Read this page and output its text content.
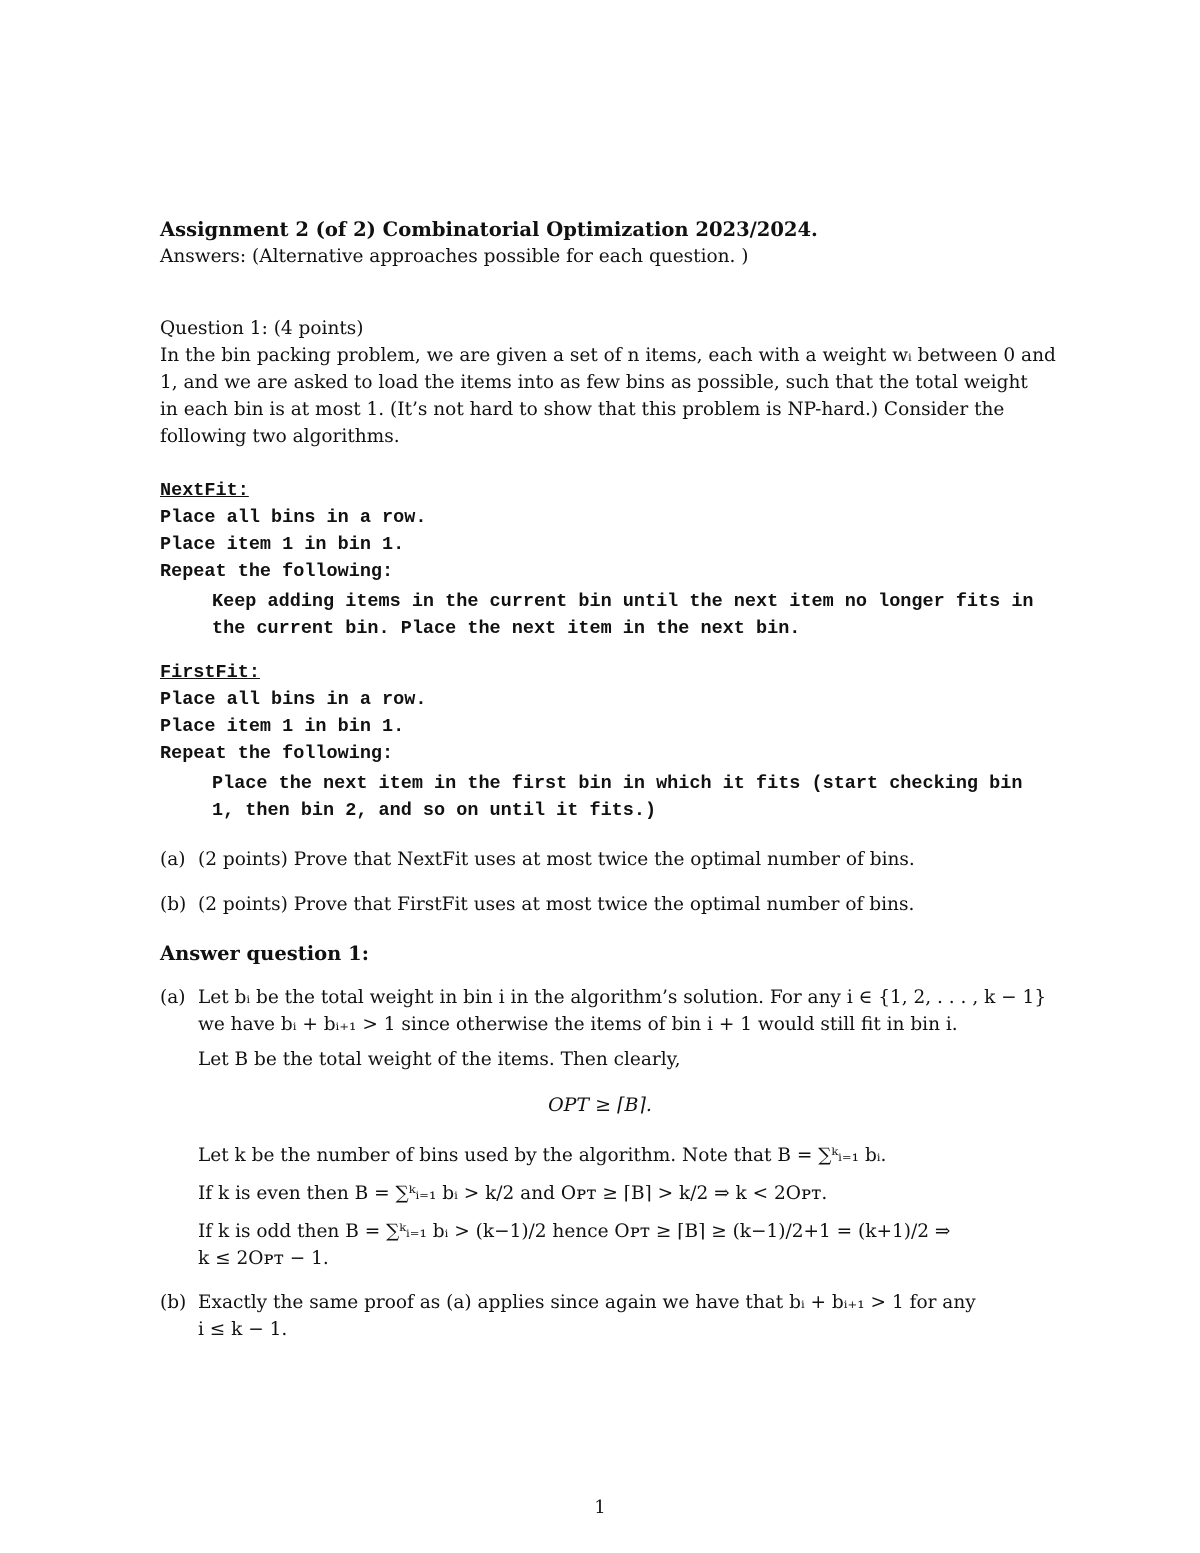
Assignment 2 (of 2) Combinatorial Optimization 2023/2024.
Answers: (Alternative approaches possible for each question. )
Question 1: (4 points)
In the bin packing problem, we are given a set of n items, each with a weight wᵢ between 0 and
1, and we are asked to load the items into as few bins as possible, such that the total weight
in each bin is at most 1. (It’s not hard to show that this problem is NP-hard.) Consider the
following two algorithms.
NextFit:
Place all bins in a row.
Place item 1 in bin 1.
Repeat the following:
Keep adding items in the current bin until the next item no longer fits in
the current bin. Place the next item in the next bin.
FirstFit:
Place all bins in a row.
Place item 1 in bin 1.
Repeat the following:
Place the next item in the first bin in which it fits (start checking bin
1, then bin 2, and so on until it fits.)
(a) (2 points) Prove that NextFit uses at most twice the optimal number of bins.
(b) (2 points) Prove that FirstFit uses at most twice the optimal number of bins.
Answer question 1:
(a) Let bᵢ be the total weight in bin i in the algorithm’s solution. For any i ∈ {1, 2, . . . , k − 1}
we have bᵢ + bᵢ₊₁ > 1 since otherwise the items of bin i + 1 would still fit in bin i.
Let B be the total weight of the items. Then clearly,
OPT ≥ ⌈B⌉.
Let k be the number of bins used by the algorithm. Note that B = ∑ᵏᵢ₌₁ bᵢ.
If k is even then B = ∑ᵏᵢ₌₁ bᵢ > k/2 and Oᴘᴛ ≥ ⌈B⌉ > k/2 ⇒ k < 2Oᴘᴛ.
If k is odd then B = ∑ᵏᵢ₌₁ bᵢ > (k−1)/2 hence Oᴘᴛ ≥ ⌈B⌉ ≥ (k−1)/2+1 = (k+1)/2 ⇒
k ≤ 2Oᴘᴛ − 1.
(b) Exactly the same proof as (a) applies since again we have that bᵢ + bᵢ₊₁ > 1 for any
i ≤ k − 1.
1
